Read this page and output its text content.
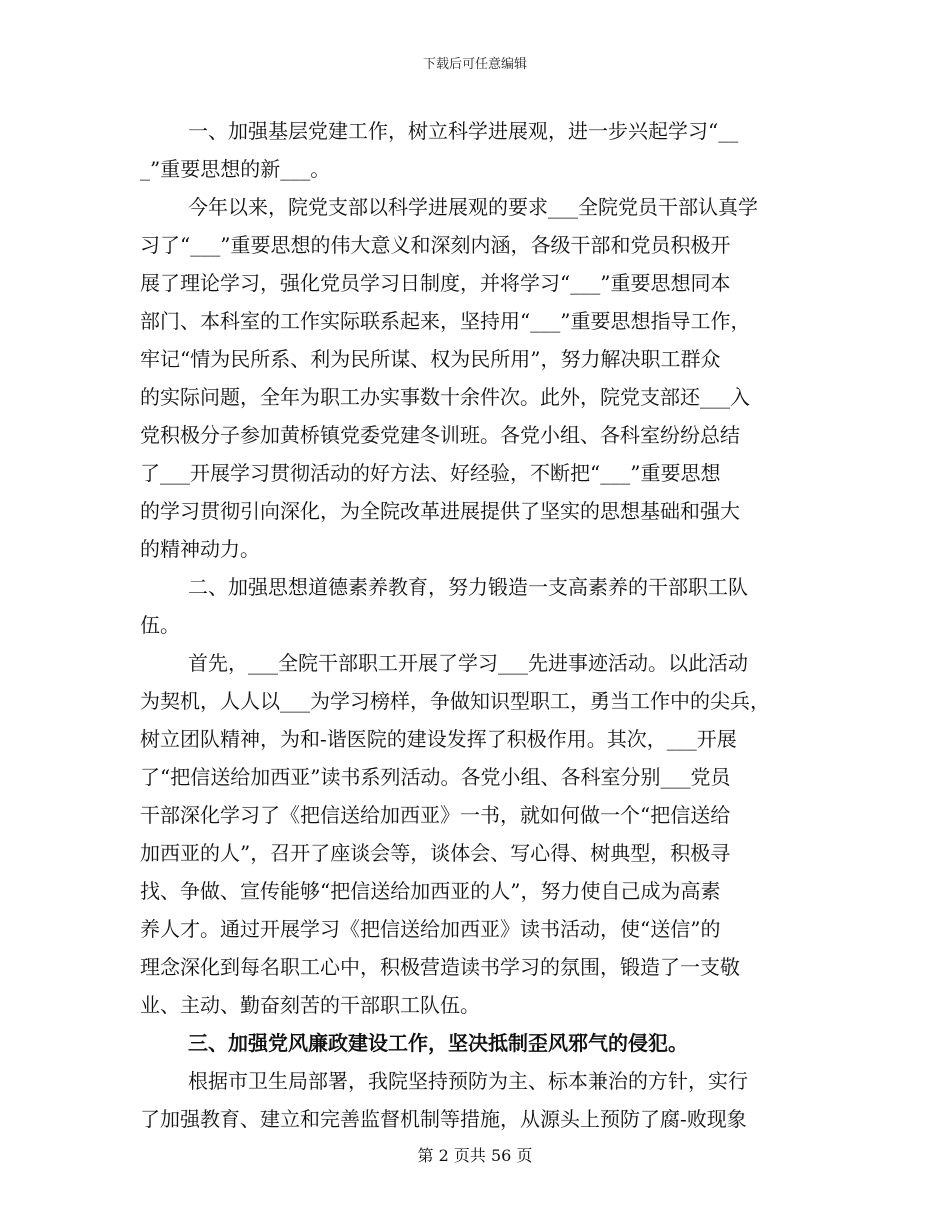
下载后可任意编辑
一、加强基层党建工作，树立科学进展观，进一步兴起学习“__
_”重要思想的新___。
今年以来，院党支部以科学进展观的要求___全院党员干部认真学
习了“___”重要思想的伟大意义和深刻内涵，各级干部和党员积极开
展了理论学习，强化党员学习日制度，并将学习“___”重要思想同本
部门、本科室的工作实际联系起来，坚持用“___”重要思想指导工作，
牢记“情为民所系、利为民所谋、权为民所用”，努力解决职工群众
的实际问题，全年为职工办实事数十余件次。此外，院党支部还___入
党积极分子参加黄桥镇党委党建冬训班。各党小组、各科室纷纷总结
了___开展学习贯彻活动的好方法、好经验，不断把“___”重要思想
的学习贯彻引向深化，为全院改革进展提供了坚实的思想基础和强大
的精神动力。
二、加强思想道德素养教育，努力锻造一支高素养的干部职工队
伍。
首先，___全院干部职工开展了学习___先进事迹活动。以此活动
为契机，人人以___为学习榜样，争做知识型职工，勇当工作中的尖兵，
树立团队精神，为和-谐医院的建设发挥了积极作用。其次，___开展
了“把信送给加西亚”读书系列活动。各党小组、各科室分别___党员
干部深化学习了《把信送给加西亚》一书，就如何做一个“把信送给
加西亚的人”，召开了座谈会等，谈体会、写心得、树典型，积极寻
找、争做、宣传能够“把信送给加西亚的人”，努力使自己成为高素
养人才。通过开展学习《把信送给加西亚》读书活动，使“送信”的
理念深化到每名职工心中，积极营造读书学习的氛围，锻造了一支敬
业、主动、勤奋刻苦的干部职工队伍。
三、加强党风廉政建设工作，坚决抵制歪风邪气的侵犯。
根据市卫生局部署，我院坚持预防为主、标本兼治的方针，实行
了加强教育、建立和完善监督机制等措施，从源头上预防了腐-败现象
第 2 页共 56 页
